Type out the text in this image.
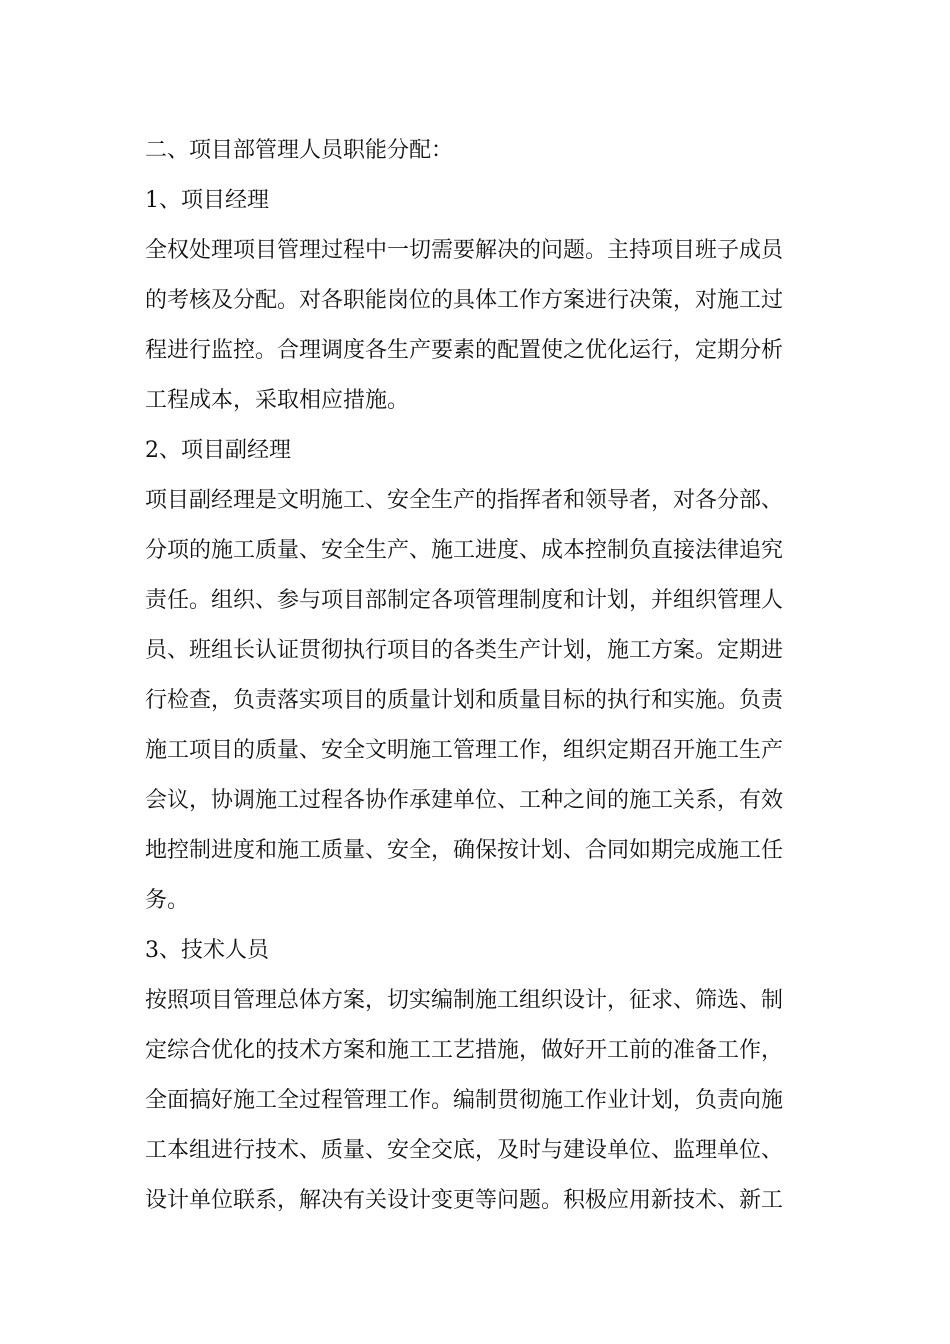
二、项目部管理人员职能分配：
1、项目经理
全权处理项目管理过程中一切需要解决的问题。主持项目班子成员
的考核及分配。对各职能岗位的具体工作方案进行决策，对施工过
程进行监控。合理调度各生产要素的配置使之优化运行，定期分析
工程成本，采取相应措施。
2、项目副经理
项目副经理是文明施工、安全生产的指挥者和领导者，对各分部、
分项的施工质量、安全生产、施工进度、成本控制负直接法律追究
责任。组织、参与项目部制定各项管理制度和计划，并组织管理人
员、班组长认证贯彻执行项目的各类生产计划，施工方案。定期进
行检查，负责落实项目的质量计划和质量目标的执行和实施。负责
施工项目的质量、安全文明施工管理工作，组织定期召开施工生产
会议，协调施工过程各协作承建单位、工种之间的施工关系，有效
地控制进度和施工质量、安全，确保按计划、合同如期完成施工任
务。
3、技术人员
按照项目管理总体方案，切实编制施工组织设计，征求、筛选、制
定综合优化的技术方案和施工工艺措施，做好开工前的准备工作，
全面搞好施工全过程管理工作。编制贯彻施工作业计划，负责向施
工本组进行技术、质量、安全交底，及时与建设单位、监理单位、
设计单位联系，解决有关设计变更等问题。积极应用新技术、新工
